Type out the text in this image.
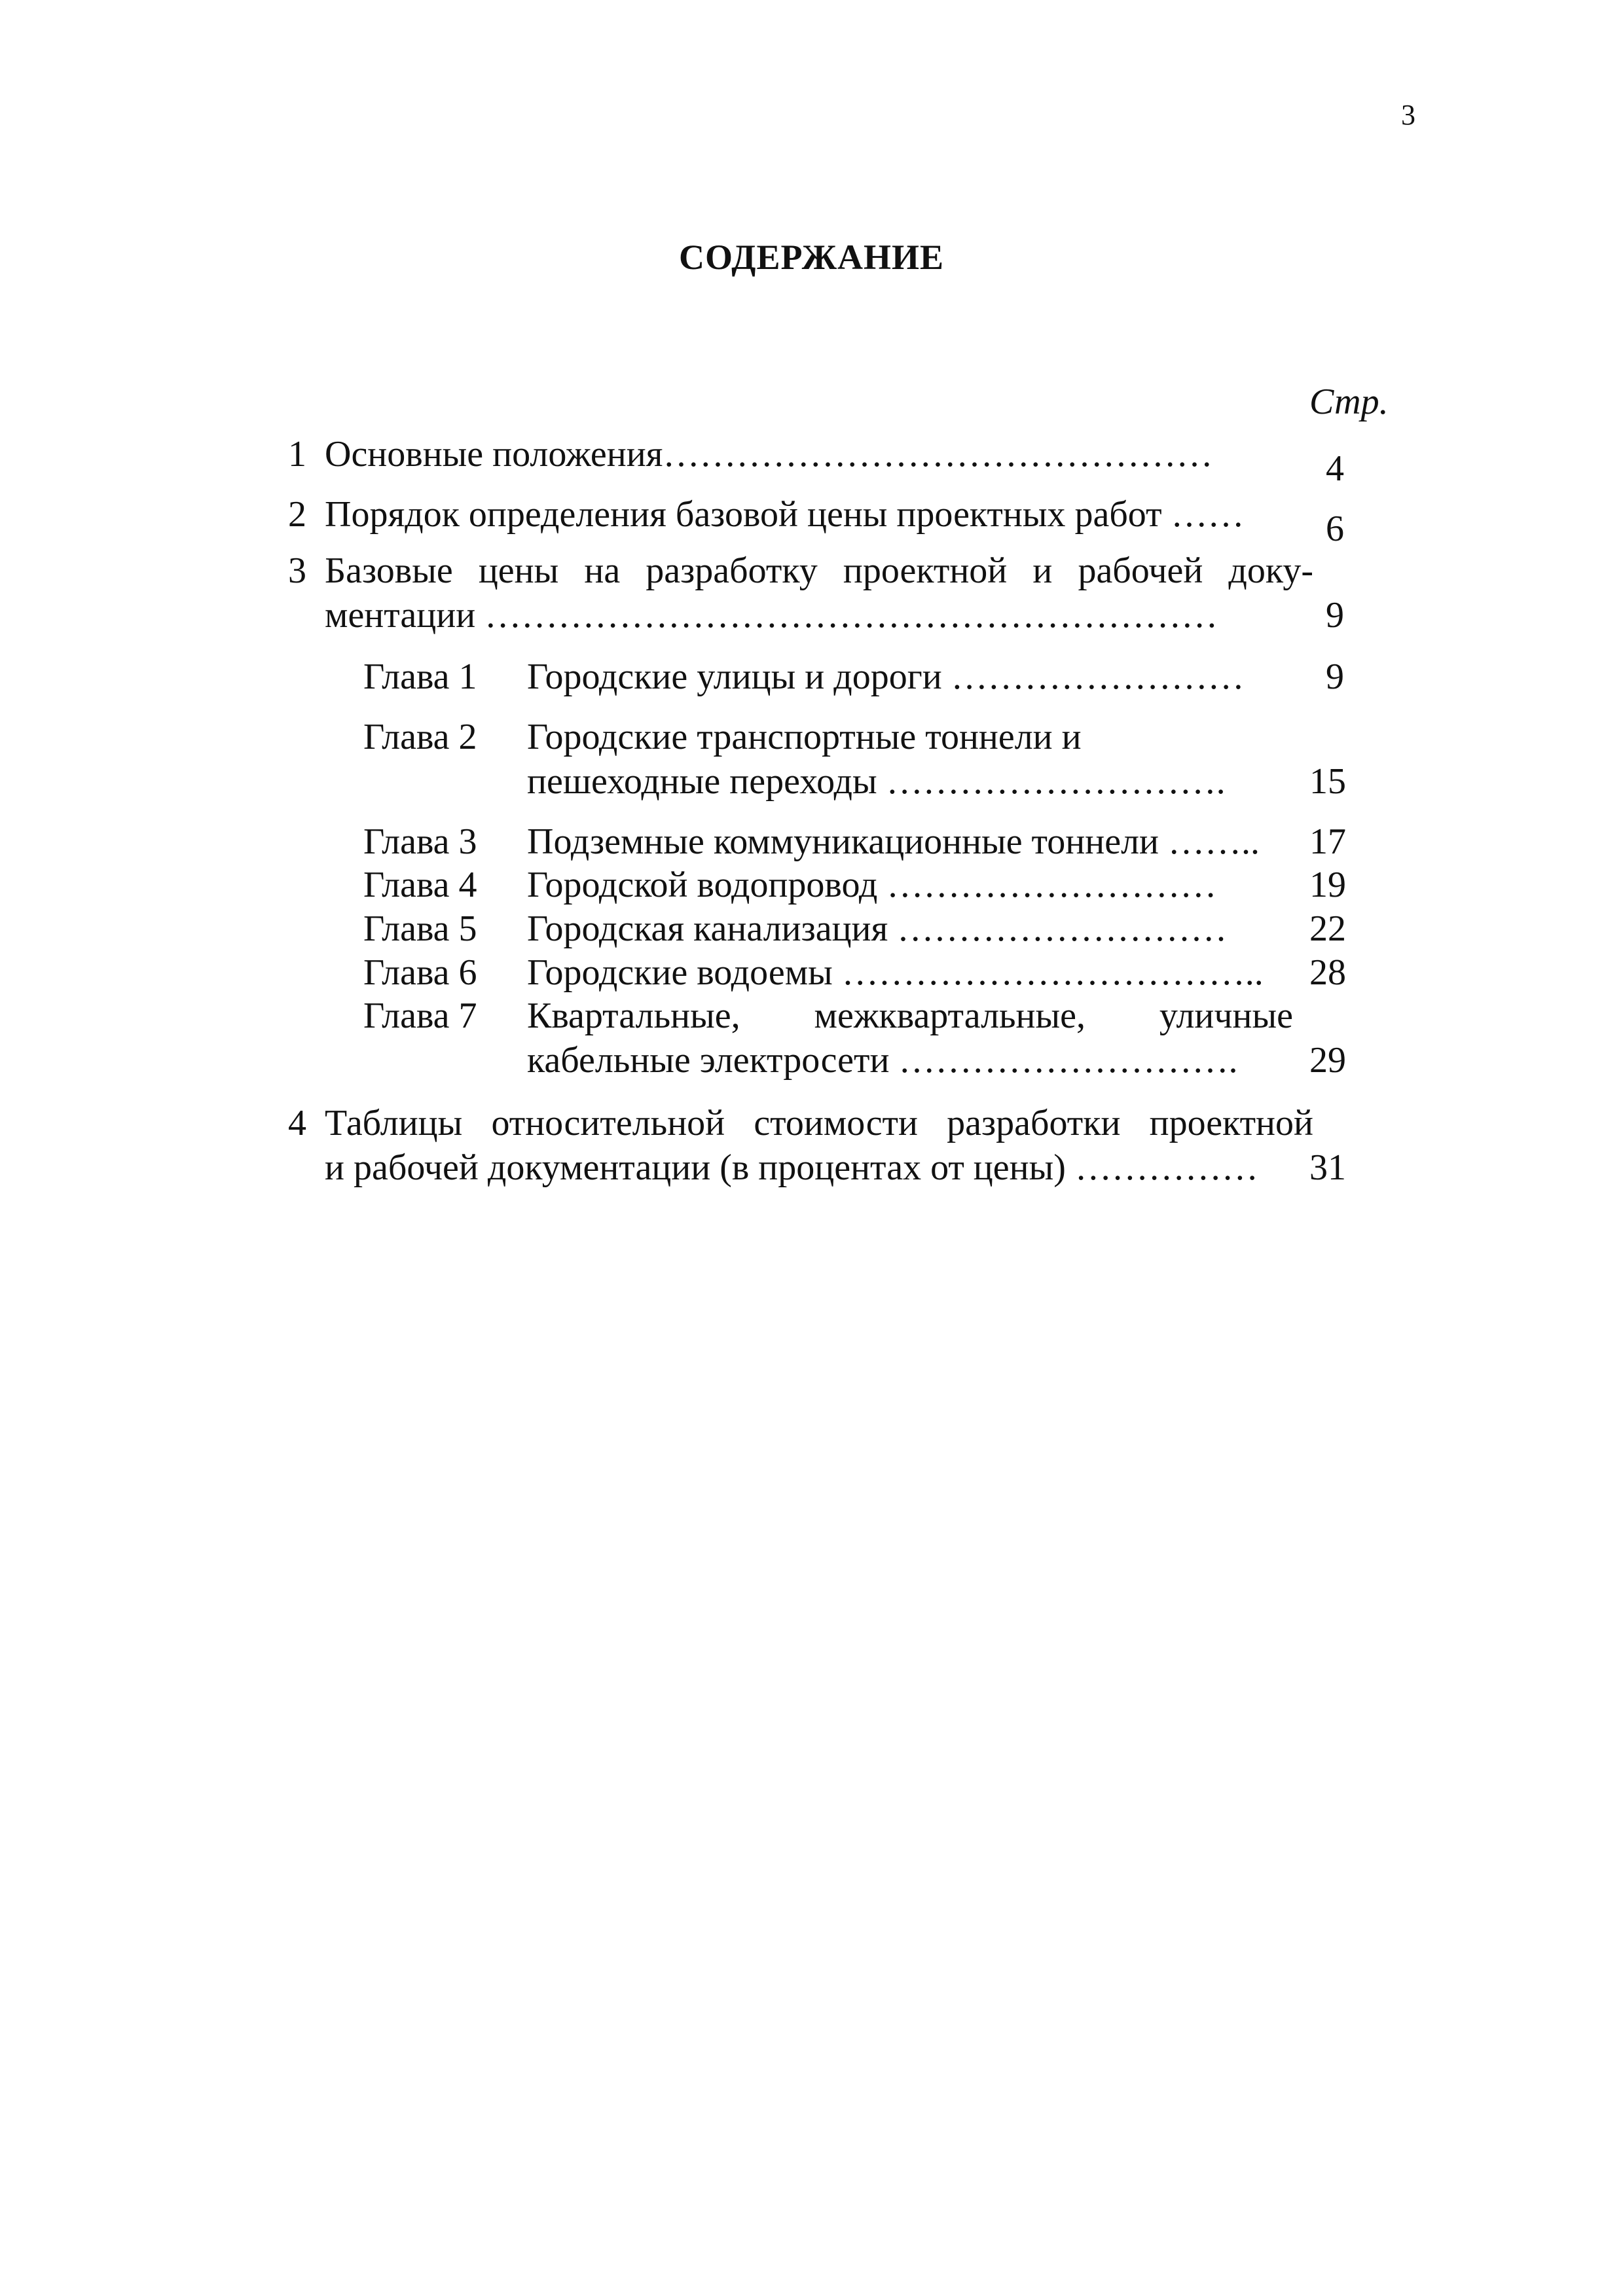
3
СОДЕРЖАНИЕ
Стр.
1 Основные положения………………………………………	4
2 Порядок определения базовой цены проектных работ …… 6
3 Базовые цены на разработку проектной и рабочей доку-
ментации ……………………………………………………	9
Глава 1 Городские улицы и дороги ……………………	9
Глава 2 Городские транспортные тоннели и
пешеходные переходы ……………………….	15
Глава 3 Подземные коммуникационные тоннели ……..	17
Глава 4 Городской водопровод ………………………	19
Глава 5 Городская канализация ………………………	22
Глава 6 Городские водоемы ……………………………..	28
Глава 7 Квартальные, межквартальные, уличные
кабельные электросети ……………………….	29
4 Таблицы относительной стоимости разработки проектной
и рабочей документации (в процентах от цены) ……………	31
